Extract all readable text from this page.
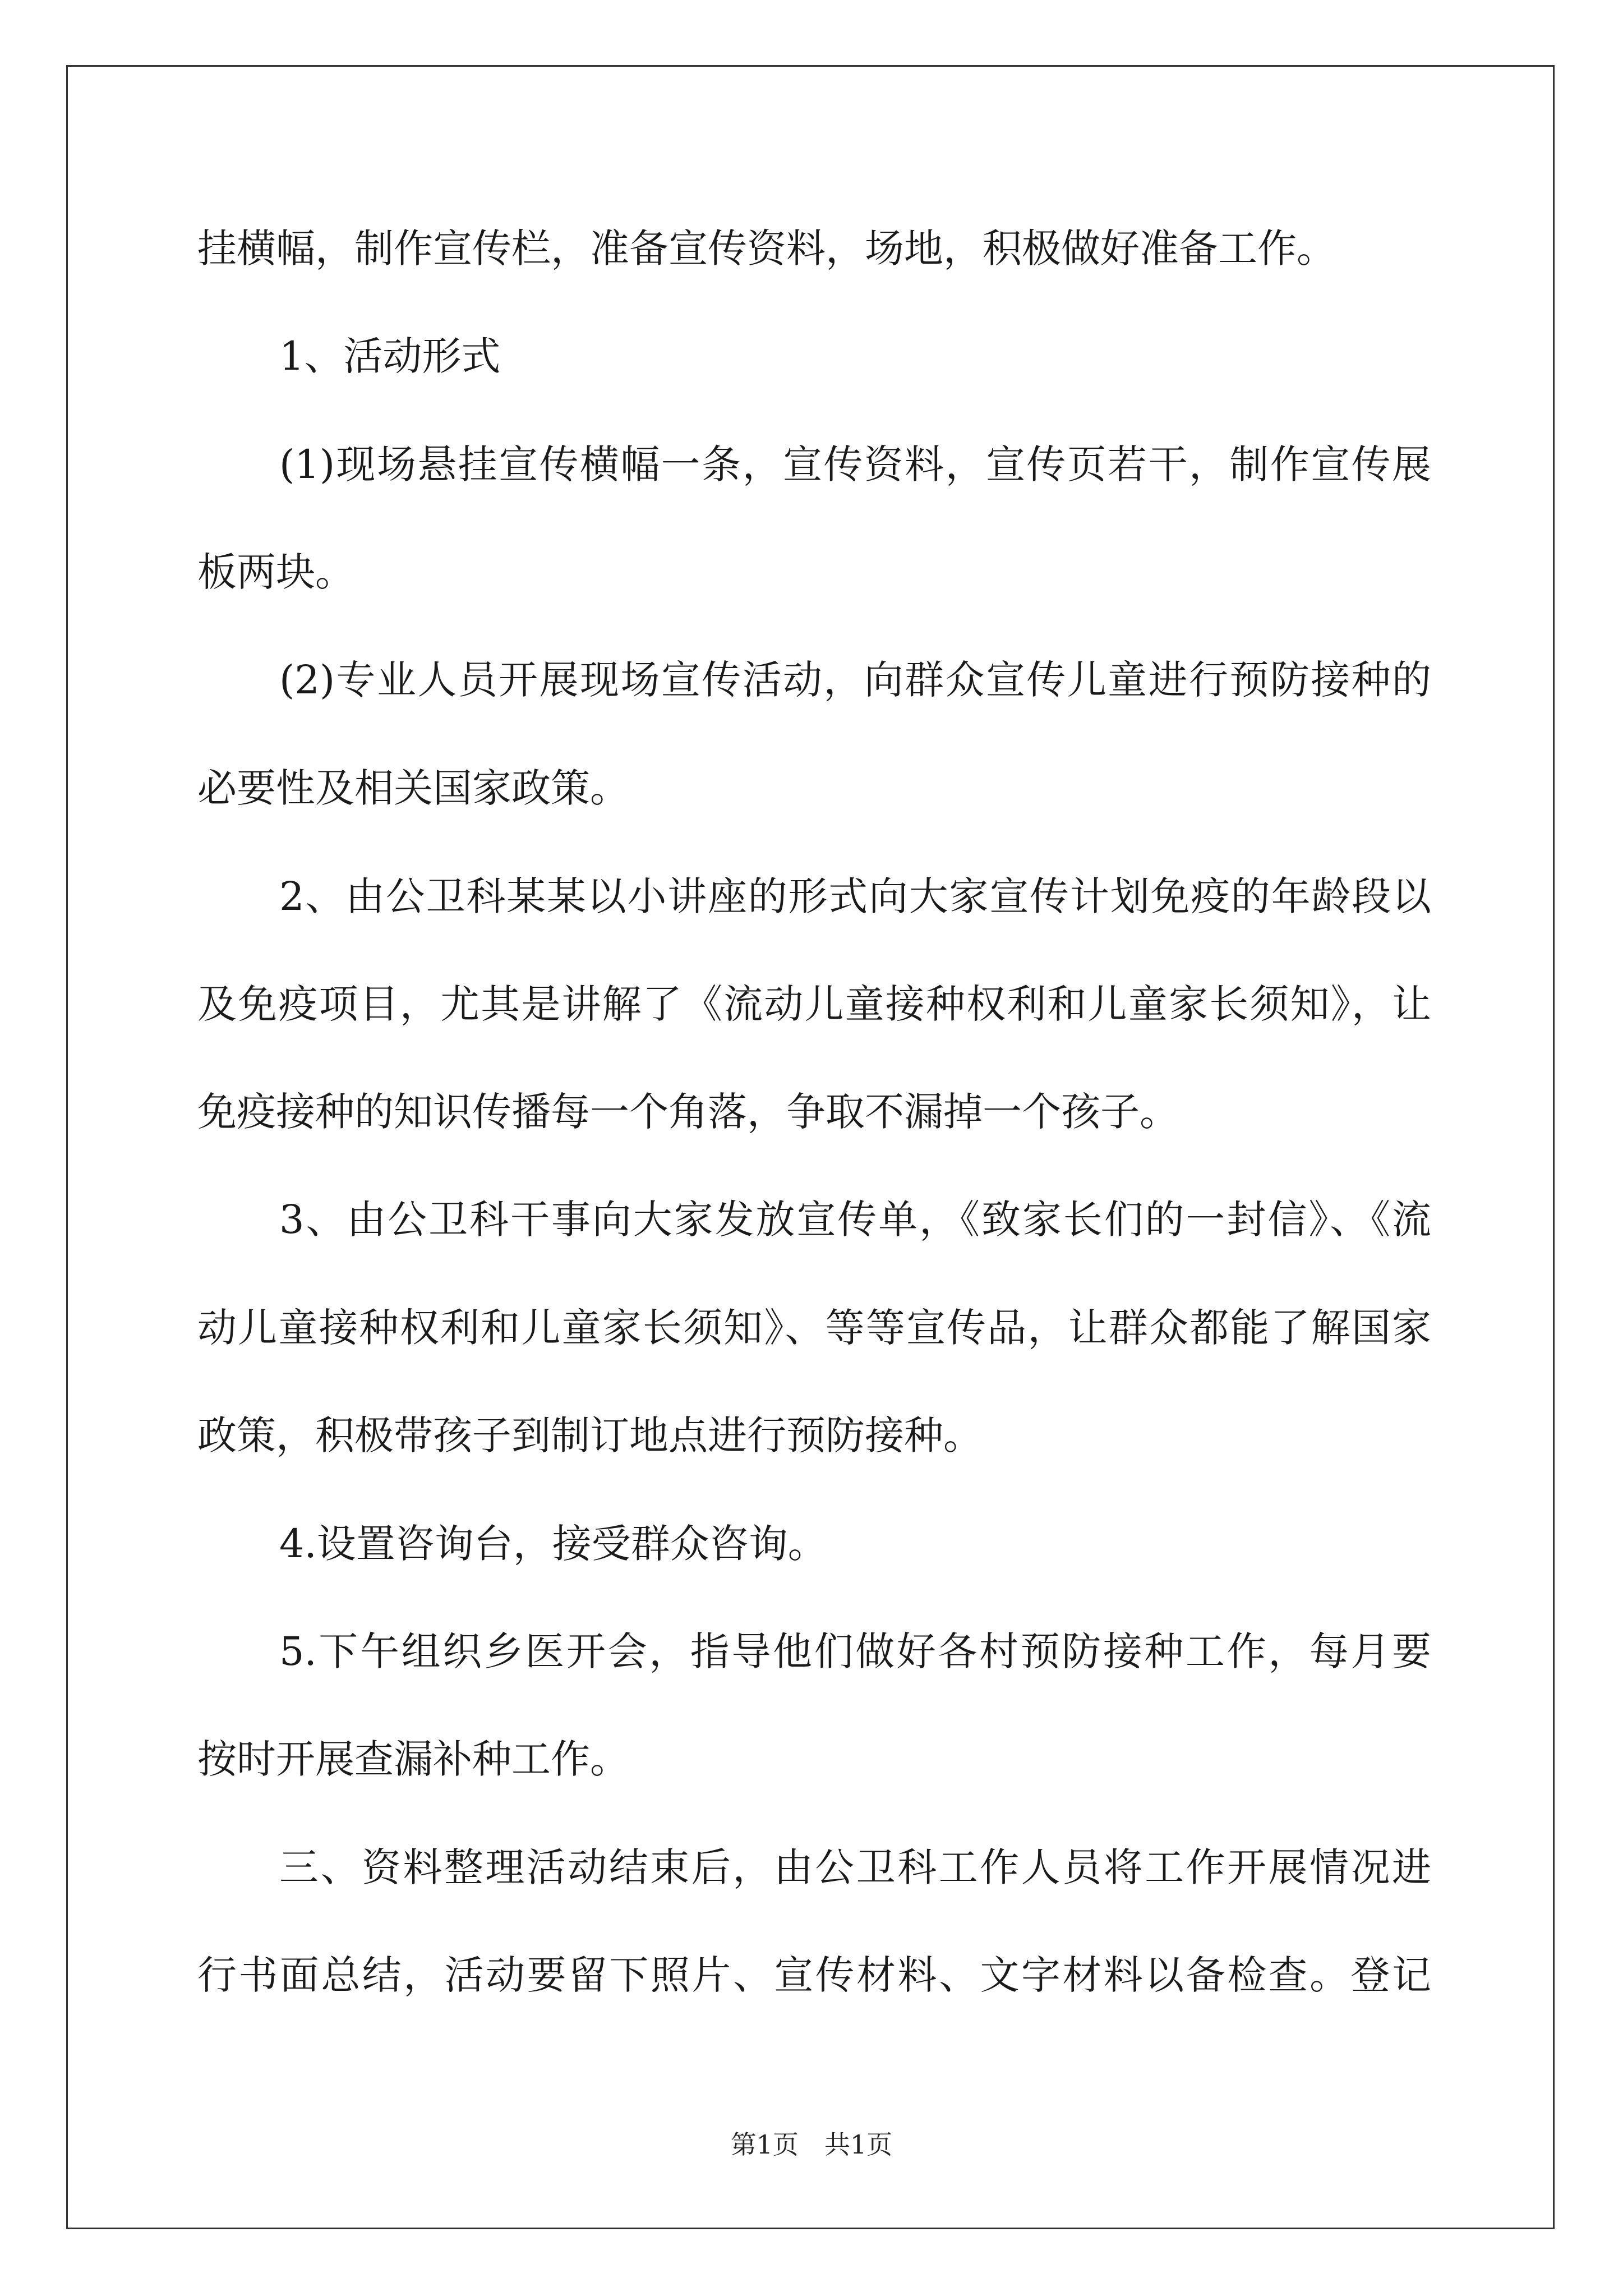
挂横幅，制作宣传栏，准备宣传资料，场地，积极做好准备工作。

1、活动形式

(1)现场悬挂宣传横幅一条，宣传资料，宣传页若干，制作宣传展

板两块。

(2)专业人员开展现场宣传活动，向群众宣传儿童进行预防接种的

必要性及相关国家政策。

2、由公卫科某某以小讲座的形式向大家宣传计划免疫的年龄段以

及免疫项目，尤其是讲解了《流动儿童接种权利和儿童家长须知》，让

免疫接种的知识传播每一个角落，争取不漏掉一个孩子。

3、由公卫科干事向大家发放宣传单，《致家长们的一封信》、《流

动儿童接种权利和儿童家长须知》、等等宣传品，让群众都能了解国家

政策，积极带孩子到制订地点进行预防接种。

4.设置咨询台，接受群众咨询。

5.下午组织乡医开会，指导他们做好各村预防接种工作，每月要

按时开展查漏补种工作。

三、资料整理活动结束后，由公卫科工作人员将工作开展情况进

行书面总结，活动要留下照片、宣传材料、文字材料以备检查。登记

第1页　共1页
